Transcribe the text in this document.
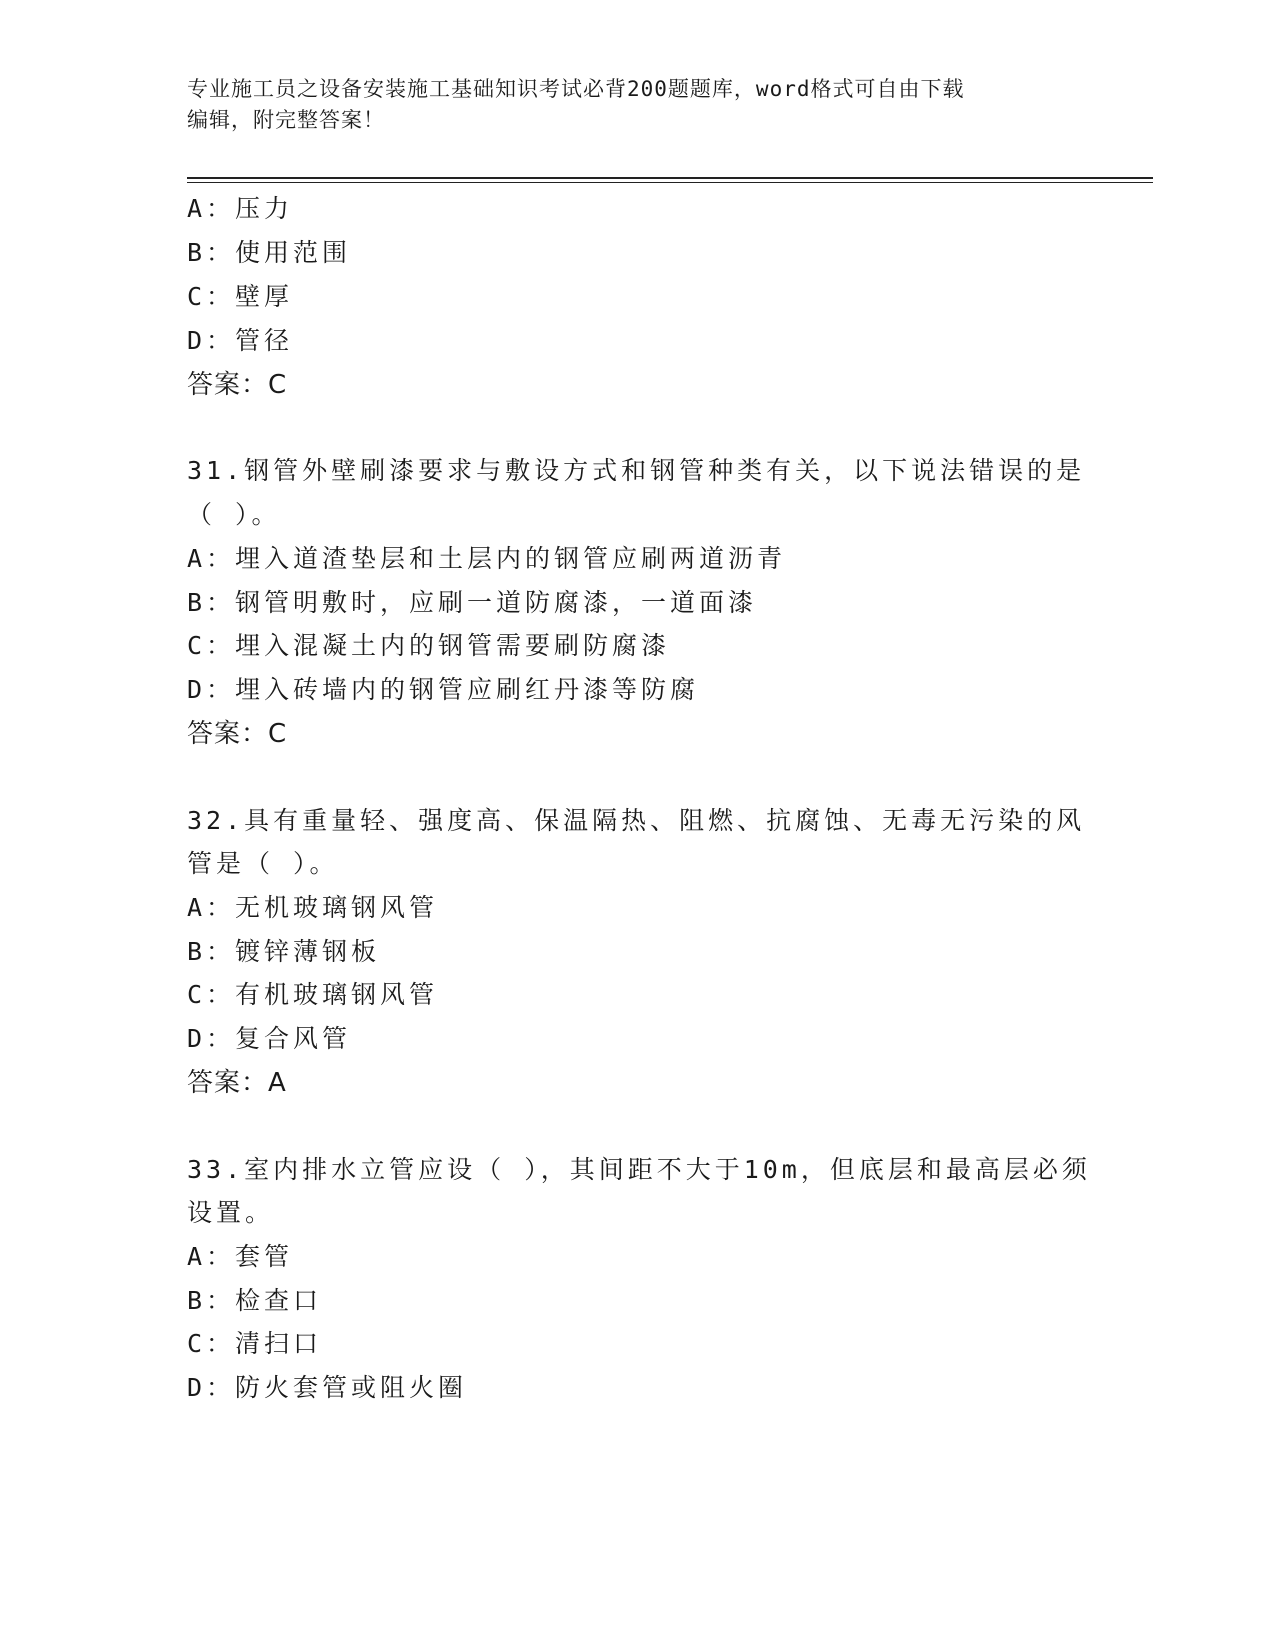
专业施工员之设备安装施工基础知识考试必背200题题库，word格式可自由下载
编辑，附完整答案！
A：压力
B：使用范围
C：壁厚
D：管径
答案：C
31.钢管外壁刷漆要求与敷设方式和钢管种类有关，以下说法错误的是
（ ）。
A：埋入道渣垫层和土层内的钢管应刷两道沥青
B：钢管明敷时，应刷一道防腐漆，一道面漆
C：埋入混凝土内的钢管需要刷防腐漆
D：埋入砖墙内的钢管应刷红丹漆等防腐
答案：C
32.具有重量轻、强度高、保温隔热、阻燃、抗腐蚀、无毒无污染的风
管是（ ）。
A：无机玻璃钢风管
B：镀锌薄钢板
C：有机玻璃钢风管
D：复合风管
答案：A
33.室内排水立管应设（ ），其间距不大于10m，但底层和最高层必须
设置。
A：套管
B：检查口
C：清扫口
D：防火套管或阻火圈
